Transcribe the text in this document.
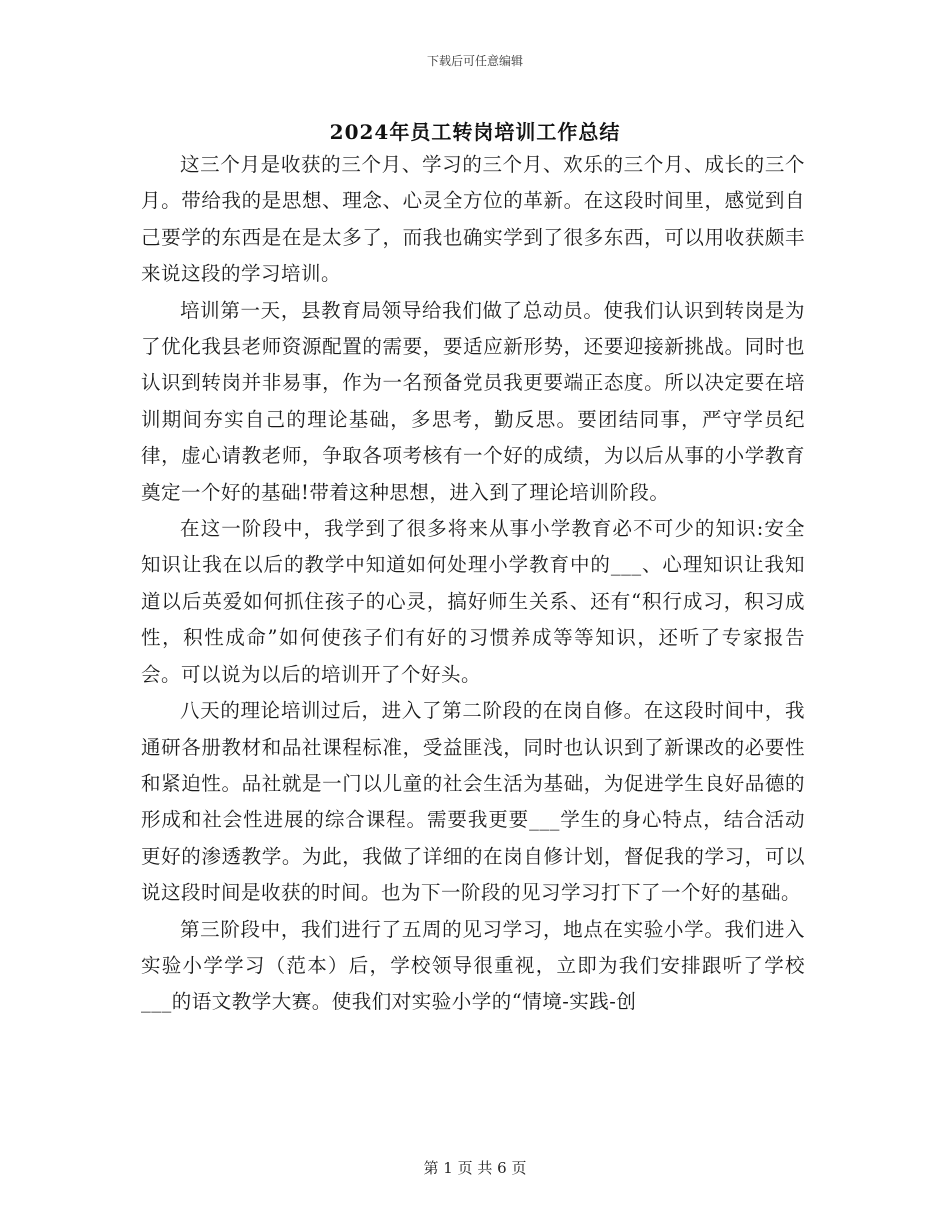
下载后可任意编辑
2024年员工转岗培训工作总结

这三个月是收获的三个月、学习的三个月、欢乐的三个月、成长的三个月。带给我的是思想、理念、心灵全方位的革新。在这段时间里，感觉到自己要学的东西是在是太多了，而我也确实学到了很多东西，可以用收获颇丰来说这段的学习培训。

培训第一天，县教育局领导给我们做了总动员。使我们认识到转岗是为了优化我县老师资源配置的需要，要适应新形势，还要迎接新挑战。同时也认识到转岗并非易事，作为一名预备党员我更要端正态度。所以决定要在培训期间夯实自己的理论基础，多思考，勤反思。要团结同事，严守学员纪律，虚心请教老师，争取各项考核有一个好的成绩，为以后从事的小学教育奠定一个好的基础!带着这种思想，进入到了理论培训阶段。

在这一阶段中，我学到了很多将来从事小学教育必不可少的知识:安全知识让我在以后的教学中知道如何处理小学教育中的___、心理知识让我知道以后英爱如何抓住孩子的心灵，搞好师生关系、还有“积行成习，积习成性，积性成命”如何使孩子们有好的习惯养成等等知识，还听了专家报告会。可以说为以后的培训开了个好头。

八天的理论培训过后，进入了第二阶段的在岗自修。在这段时间中，我通研各册教材和品社课程标准，受益匪浅，同时也认识到了新课改的必要性和紧迫性。品社就是一门以儿童的社会生活为基础，为促进学生良好品德的形成和社会性进展的综合课程。需要我更要___学生的身心特点，结合活动更好的渗透教学。为此，我做了详细的在岗自修计划，督促我的学习，可以说这段时间是收获的时间。也为下一阶段的见习学习打下了一个好的基础。

第三阶段中，我们进行了五周的见习学习，地点在实验小学。我们进入实验小学学习（范本）后，学校领导很重视，立即为我们安排跟听了学校___的语文教学大赛。使我们对实验小学的“情境-实践-创

第 1 页 共 6 页
